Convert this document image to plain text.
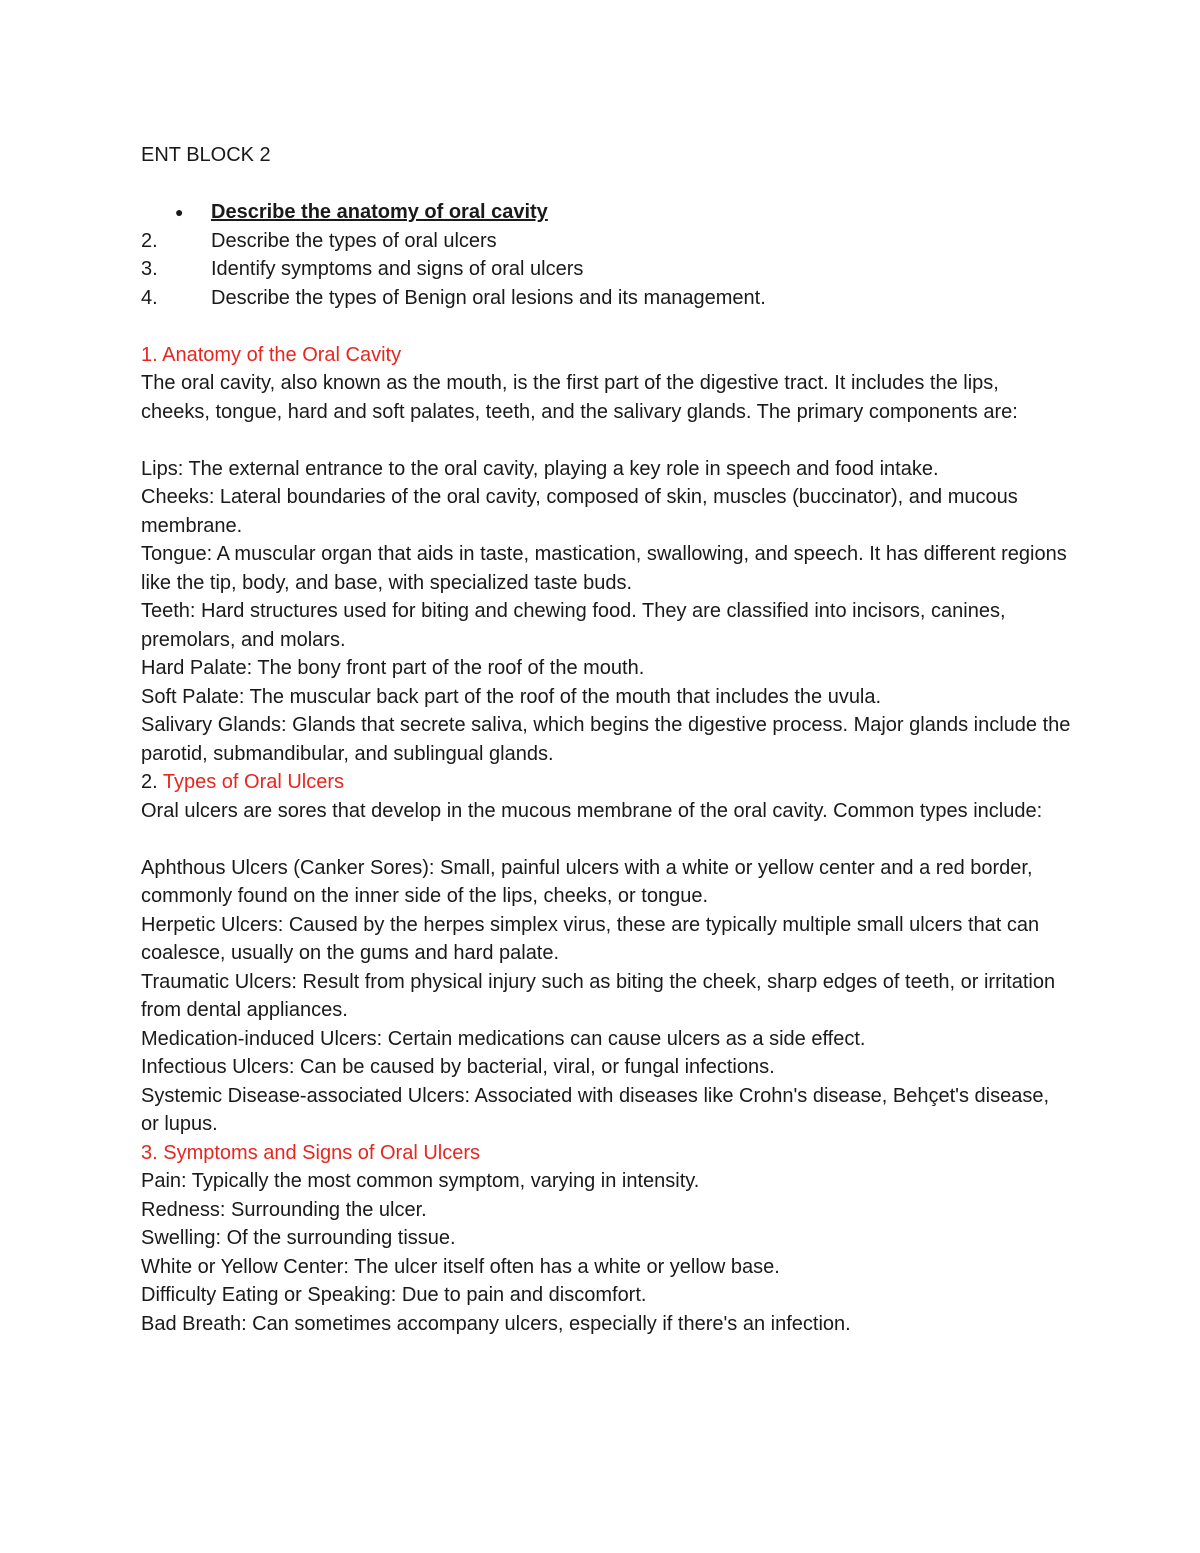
ENT BLOCK 2

●	Describe the anatomy of oral cavity
2.	Describe the types of oral ulcers
3.	Identify symptoms and signs of oral ulcers
4.	Describe the types of Benign oral lesions and its management.

1. Anatomy of the Oral Cavity

The oral cavity, also known as the mouth, is the first part of the digestive tract. It includes the lips, cheeks, tongue, hard and soft palates, teeth, and the salivary glands. The primary components are:

Lips: The external entrance to the oral cavity, playing a key role in speech and food intake.

Cheeks: Lateral boundaries of the oral cavity, composed of skin, muscles (buccinator), and mucous membrane.

Tongue: A muscular organ that aids in taste, mastication, swallowing, and speech. It has different regions like the tip, body, and base, with specialized taste buds.

Teeth: Hard structures used for biting and chewing food. They are classified into incisors, canines, premolars, and molars.

Hard Palate: The bony front part of the roof of the mouth.

Soft Palate: The muscular back part of the roof of the mouth that includes the uvula.

Salivary Glands: Glands that secrete saliva, which begins the digestive process. Major glands include the parotid, submandibular, and sublingual glands.

2. Types of Oral Ulcers

Oral ulcers are sores that develop in the mucous membrane of the oral cavity. Common types include:

Aphthous Ulcers (Canker Sores): Small, painful ulcers with a white or yellow center and a red border, commonly found on the inner side of the lips, cheeks, or tongue.

Herpetic Ulcers: Caused by the herpes simplex virus, these are typically multiple small ulcers that can coalesce, usually on the gums and hard palate.

Traumatic Ulcers: Result from physical injury such as biting the cheek, sharp edges of teeth, or irritation from dental appliances.

Medication-induced Ulcers: Certain medications can cause ulcers as a side effect.

Infectious Ulcers: Can be caused by bacterial, viral, or fungal infections.

Systemic Disease-associated Ulcers: Associated with diseases like Crohn's disease, Behçet's disease, or lupus.

3. Symptoms and Signs of Oral Ulcers

Pain: Typically the most common symptom, varying in intensity.

Redness: Surrounding the ulcer.

Swelling: Of the surrounding tissue.

White or Yellow Center: The ulcer itself often has a white or yellow base.

Difficulty Eating or Speaking: Due to pain and discomfort.

Bad Breath: Can sometimes accompany ulcers, especially if there's an infection.
